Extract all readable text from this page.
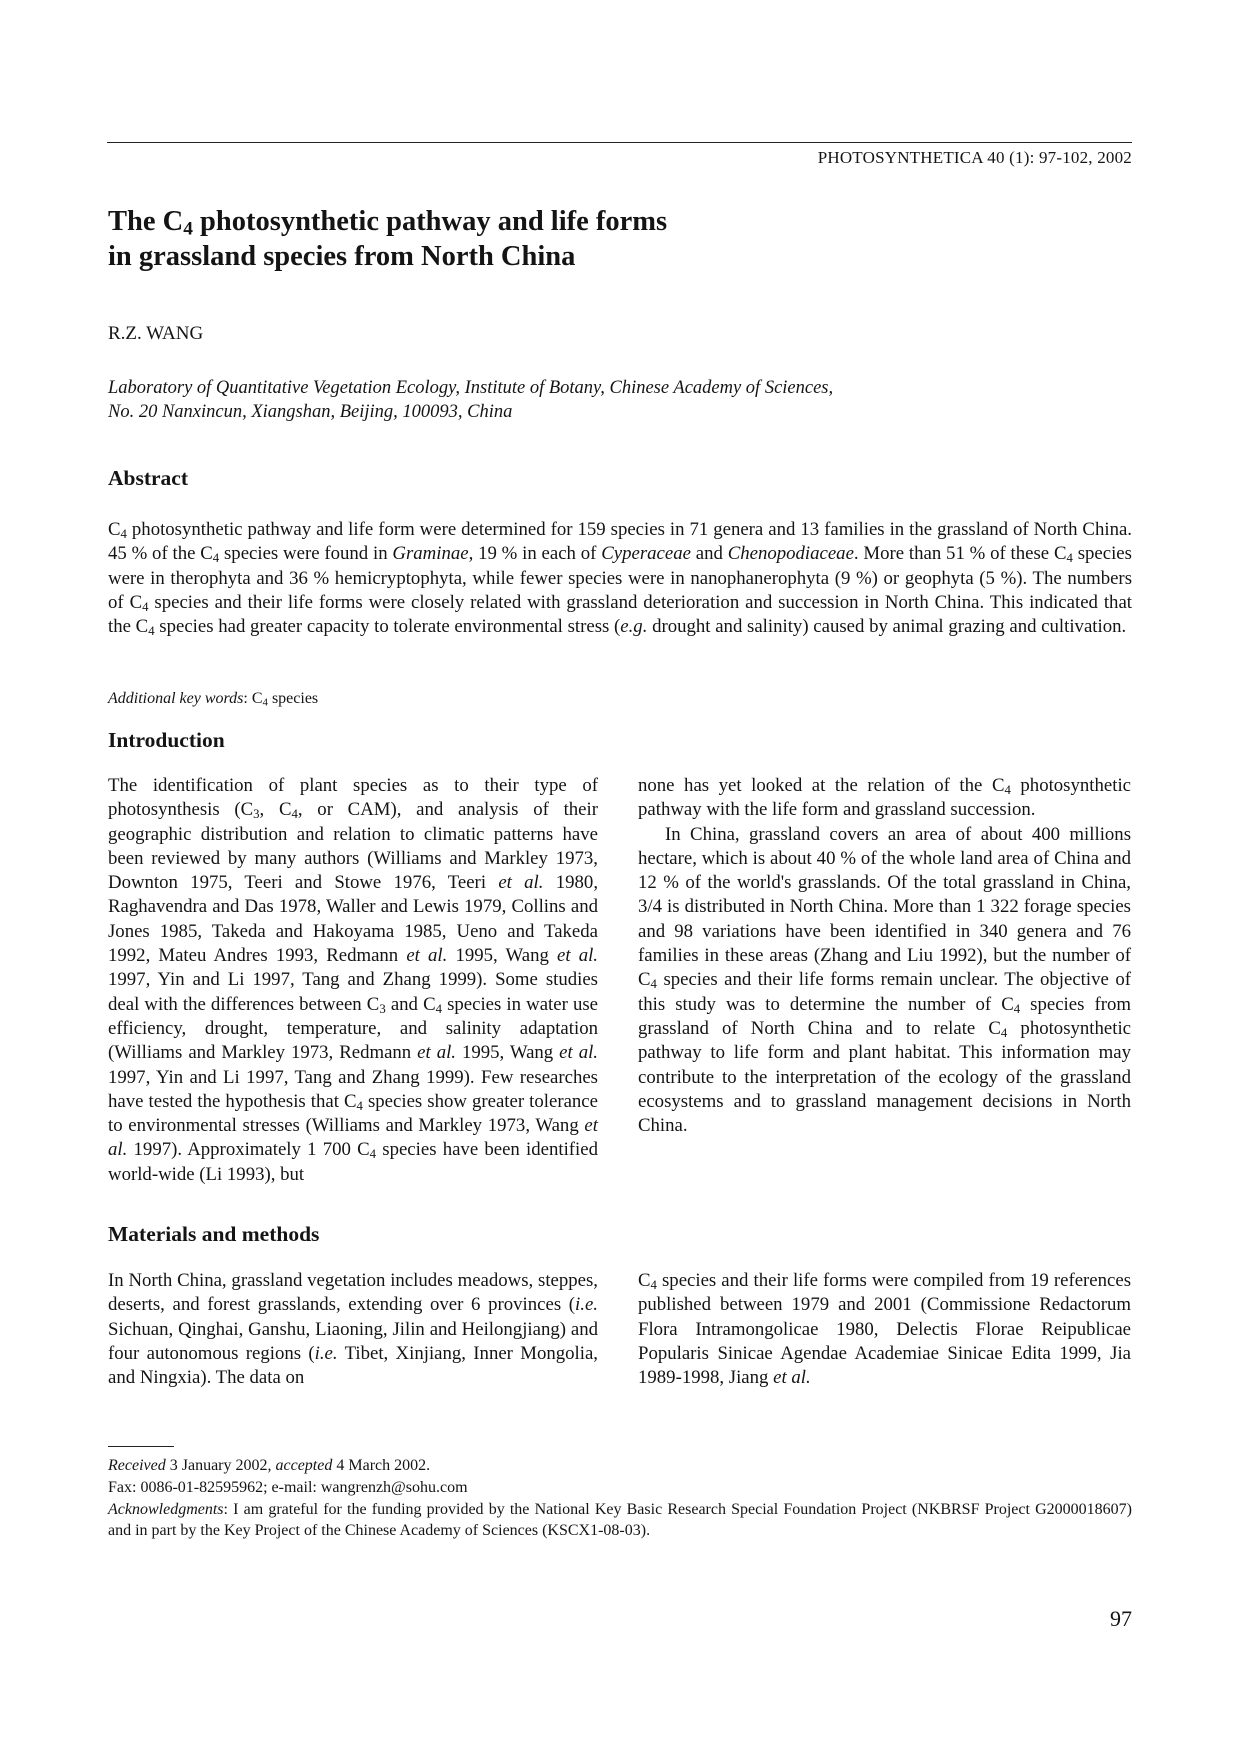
PHOTOSYNTHETICA 40 (1): 97-102, 2002
The $C_4$ photosynthetic pathway and life forms
in grassland species from North China
R.Z. WANG
Laboratory of Quantitative Vegetation Ecology, Institute of Botany, Chinese Academy of Sciences,
No. 20 Nanxincun, Xiangshan, Beijing, 100093, China
Abstract
$C_4$ photosynthetic pathway and life form were determined for 159 species in 71 genera and 13 families in the grassland of North China. 45 % of the $C_4$ species were found in Graminae, 19 % in each of Cyperaceae and Chenopodiaceae. More than 51 % of these $C_4$ species were in therophyta and 36 % hemicryptophyta, while fewer species were in nanophanerophyta (9 %) or geophyta (5 %). The numbers of $C_4$ species and their life forms were closely related with grassland deterioration and succession in North China. This indicated that the $C_4$ species had greater capacity to tolerate environmental stress (e.g. drought and salinity) caused by animal grazing and cultivation.
Additional key words: $C_4$ species
Introduction
The identification of plant species as to their type of photosynthesis ($C_3$, $C_4$, or CAM), and analysis of their geographic distribution and relation to climatic patterns have been reviewed by many authors (Williams and Markley 1973, Downton 1975, Teeri and Stowe 1976, Teeri et al. 1980, Raghavendra and Das 1978, Waller and Lewis 1979, Collins and Jones 1985, Takeda and Hakoyama 1985, Ueno and Takeda 1992, Mateu Andres 1993, Redmann et al. 1995, Wang et al. 1997, Yin and Li 1997, Tang and Zhang 1999). Some studies deal with the differences between $C_3$ and $C_4$ species in water use efficiency, drought, temperature, and salinity adaptation (Williams and Markley 1973, Redmann et al. 1995, Wang et al. 1997, Yin and Li 1997, Tang and Zhang 1999). Few researches have tested the hypothesis that $C_4$ species show greater tolerance to environmental stresses (Williams and Markley 1973, Wang et al. 1997). Approximately 1 700 $C_4$ species have been identified world-wide (Li 1993), but
none has yet looked at the relation of the $C_4$ photosynthetic pathway with the life form and grassland succession.
In China, grassland covers an area of about 400 millions hectare, which is about 40 % of the whole land area of China and 12 % of the world's grasslands. Of the total grassland in China, 3/4 is distributed in North China. More than 1 322 forage species and 98 variations have been identified in 340 genera and 76 families in these areas (Zhang and Liu 1992), but the number of $C_4$ species and their life forms remain unclear. The objective of this study was to determine the number of $C_4$ species from grassland of North China and to relate $C_4$ photosynthetic pathway to life form and plant habitat. This information may contribute to the interpretation of the ecology of the grassland ecosystems and to grassland management decisions in North China.
Materials and methods
In North China, grassland vegetation includes meadows, steppes, deserts, and forest grasslands, extending over 6 provinces (i.e. Sichuan, Qinghai, Ganshu, Liaoning, Jilin and Heilongjiang) and four autonomous regions (i.e. Tibet, Xinjiang, Inner Mongolia, and Ningxia). The data on
$C_4$ species and their life forms were compiled from 19 references published between 1979 and 2001 (Commissione Redactorum Flora Intramongolicae 1980, Delectis Florae Reipublicae Popularis Sinicae Agendae Academiae Sinicae Edita 1999, Jia 1989-1998, Jiang et al.
Received 3 January 2002, accepted 4 March 2002.
Fax: 0086-01-82595962; e-mail: wangrenzh@sohu.com
Acknowledgments: I am grateful for the funding provided by the National Key Basic Research Special Foundation Project (NKBRSF Project G2000018607) and in part by the Key Project of the Chinese Academy of Sciences (KSCX1-08-03).
97
